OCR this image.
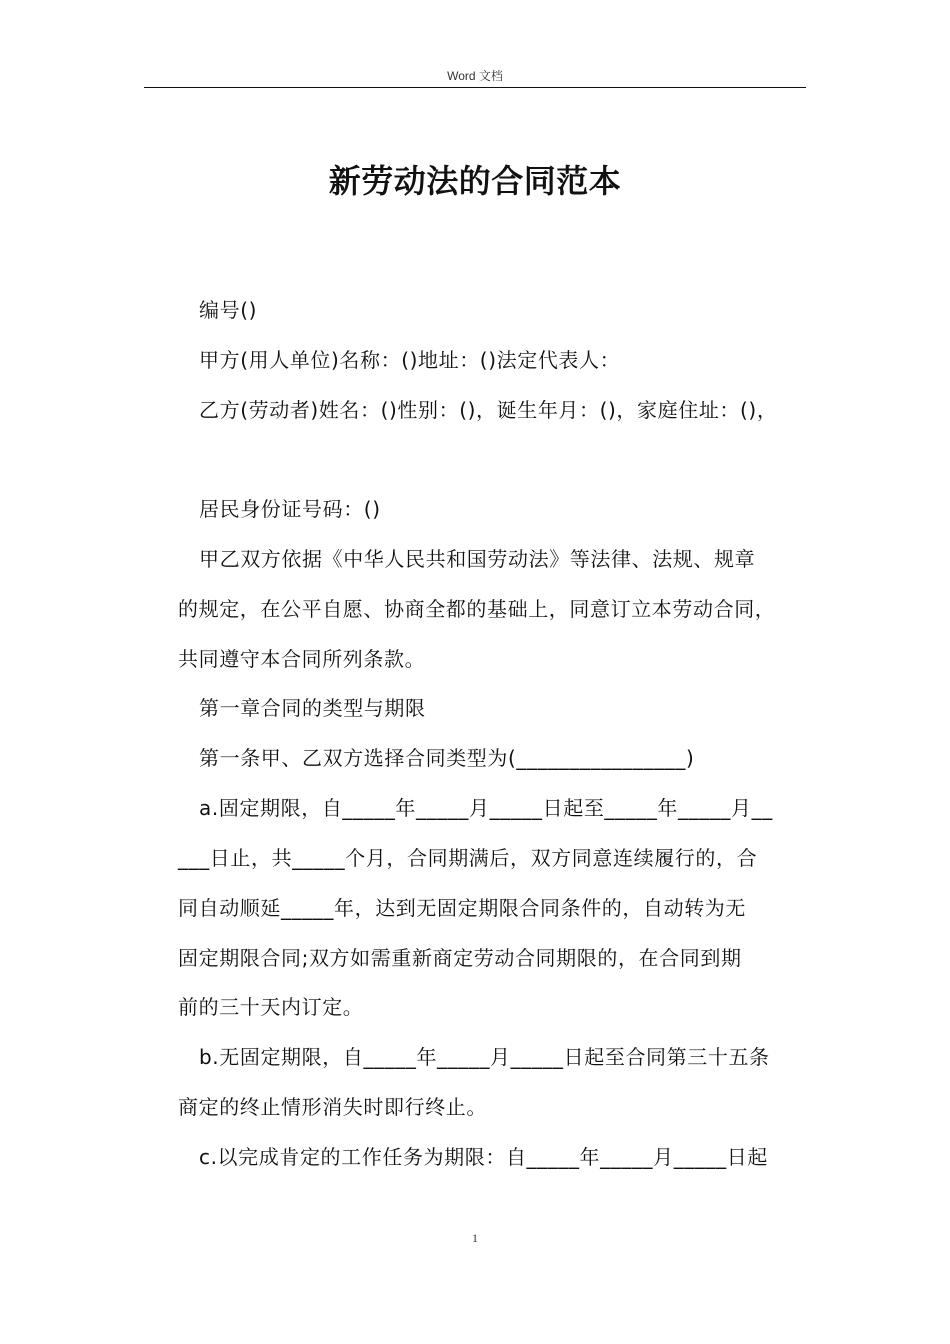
Word 文档
新劳动法的合同范本
编号()
甲方(用人单位)名称：()地址：()法定代表人：
乙方(劳动者)姓名：()性别：()，诞生年月：()，家庭住址：()，
居民身份证号码：()
甲乙双方依据《中华人民共和国劳动法》等法律、法规、规章
的规定，在公平自愿、协商全都的基础上，同意订立本劳动合同，
共同遵守本合同所列条款。
第一章合同的类型与期限
第一条甲、乙双方选择合同类型为(________________)
a.固定期限，自_____年_____月_____日起至_____年_____月__
___日止，共_____个月，合同期满后，双方同意连续履行的，合
同自动顺延_____年，达到无固定期限合同条件的，自动转为无
固定期限合同;双方如需重新商定劳动合同期限的，在合同到期
前的三十天内订定。
b.无固定期限，自_____年_____月_____日起至合同第三十五条
商定的终止情形消失时即行终止。
c.以完成肯定的工作任务为期限：自_____年_____月_____日起
1
